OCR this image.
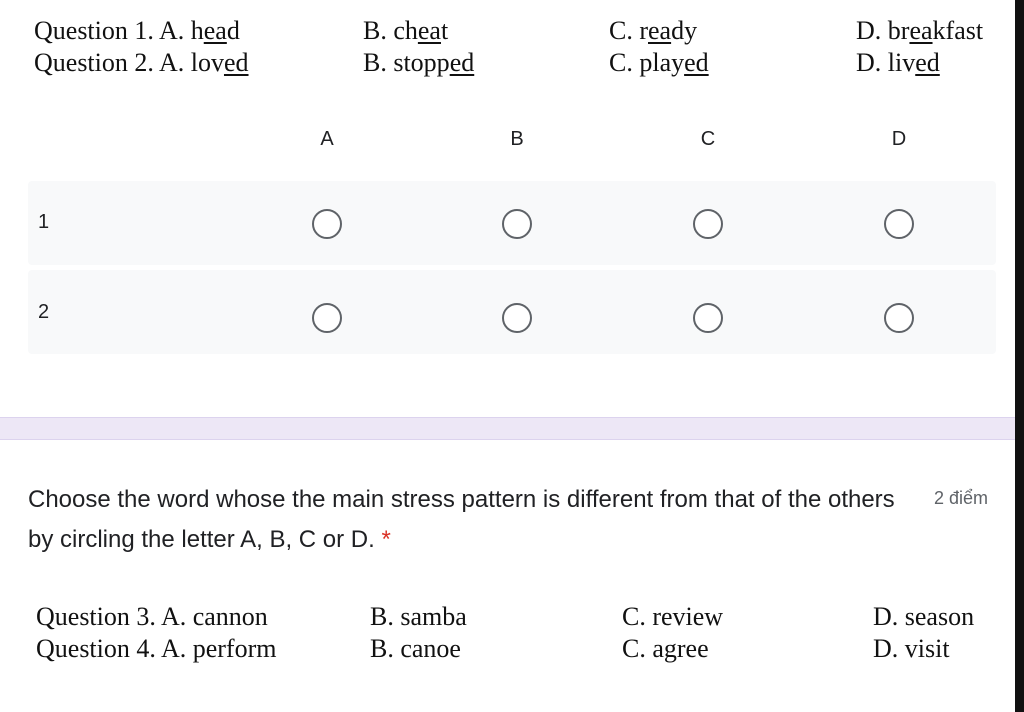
Question 1. A. head	B. cheat	C. ready	D. breakfast
Question 2. A. loved	B. stopped	C. played	D. lived
A	B	C	D
1
2
Choose the word whose the main stress pattern is different from that of the others by circling the letter A, B, C or D. *
2 điểm
Question 3. A. cannon	B. samba	C. review	D. season
Question 4. A. perform	B. canoe	C. agree	D. visit
